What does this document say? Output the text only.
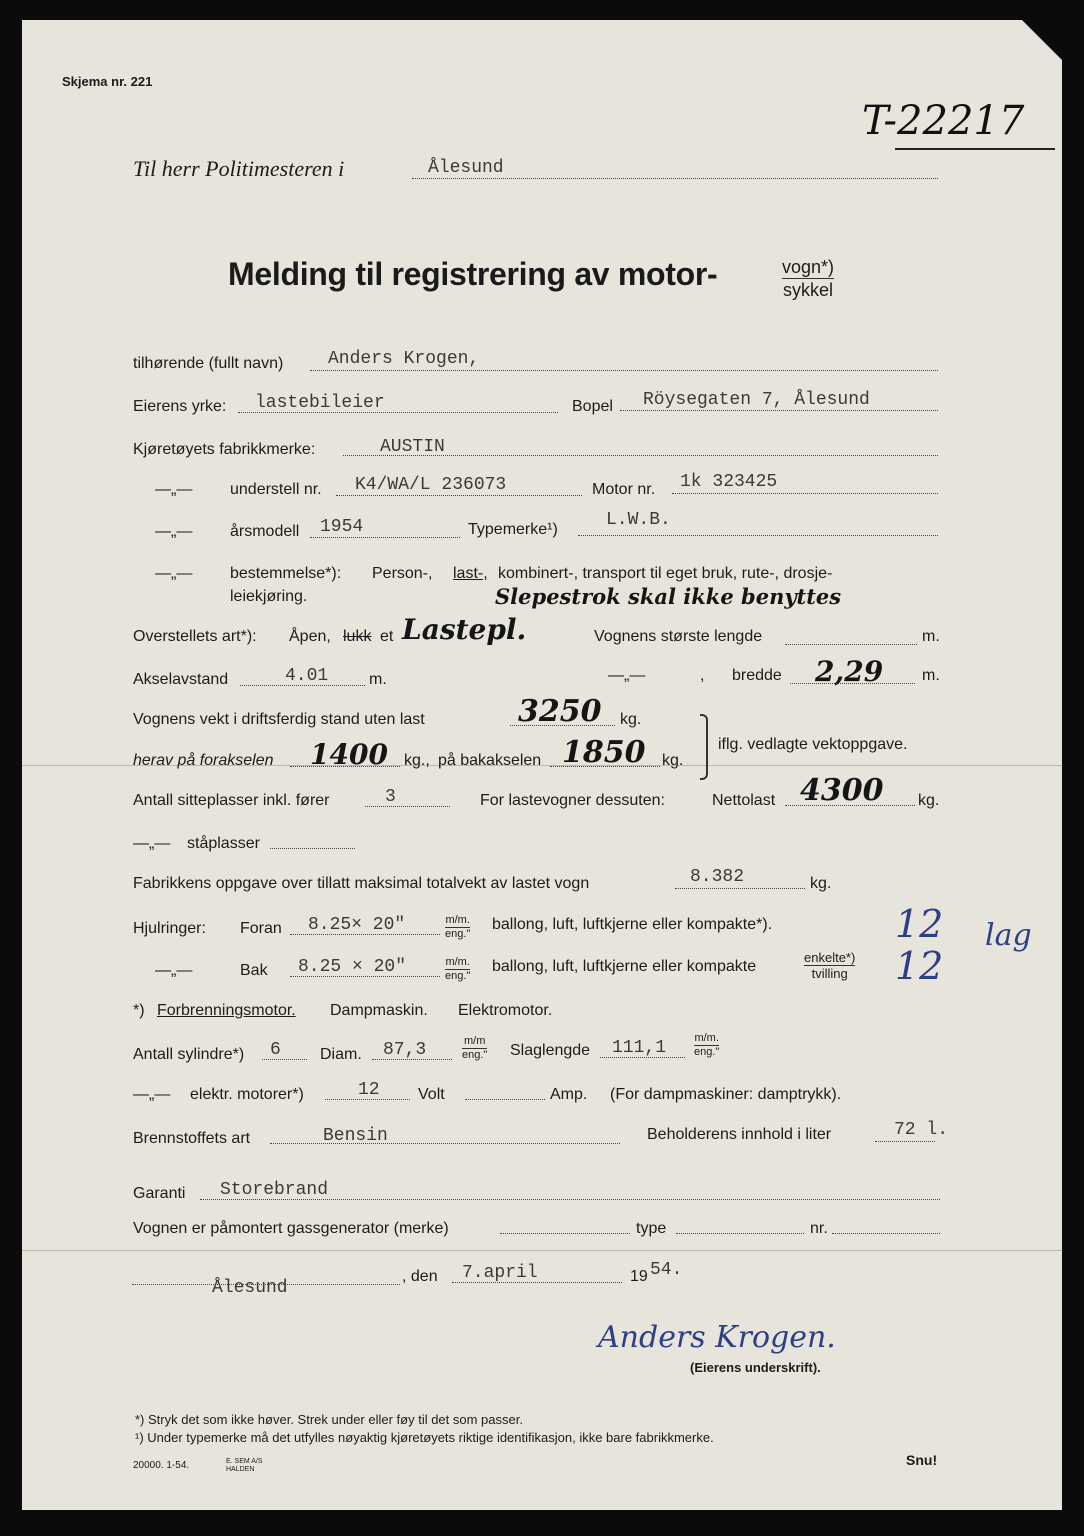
Skjema nr. 221
T-22217
Til herr Politimesteren i	Ålesund
Melding til registrering av motor-	vogn*)
sykkel
tilhørende (fullt navn) Anders Krogen,
Eierens yrke: lastebileier	Bopel Röysegaten 7, Ålesund
Kjøretøyets fabrikkmerke:	AUSTIN
—„— understell nr. K4/WA/L 236073	Motor nr. 1k 323425
—„— årsmodell 1954	Typemerke¹)	L.W.B.
—„— bestemmelse*): Person-, last-, kombinert-, transport til eget bruk, rute-, drosje-
leiekjøring.	Slepestrok skal ikke benyttes
Overstellets art*): Åpen, lukk et Lastepl.	Vognens største lengde	m.
Akselavstand	4.01	m.	—„—	, bredde 2,29 m.
Vognens vekt i driftsferdig stand uten last	3250 kg.
herav på forakselen 1400 kg., på bakakselen 1850 kg.
iflg. vedlagte vektoppgave.
Antall sitteplasser inkl. fører	3	For lastevogner dessuten:	Nettolast 4300 kg.
—„— ståplasser
Fabrikkens oppgave over tillatt maksimal totalvekt av lastet vogn	8.382	kg.
Hjulringer: Foran 8.25× 20"	m/m.
eng."
ballong, luft, luftkjerne eller kompakte*).	12 lag
—„—	Bak 8.25 × 20"	m/m.
eng."
ballong, luft, luftkjerne eller kompakte
enkelte*)
tvilling 12
*) Forbrenningsmotor. Dampmaskin. Elektromotor.
Antall sylindre*) 6 Diam. 87,3	m/m
eng." Slaglengde 111,1	m/m.
eng."
—„— elektr. motorer*)	12 Volt	Amp. (For dampmaskiner: damptrykk).
Brennstoffets art	Bensin	Beholderens innhold i liter	72 l.
Garanti Storebrand
Vognen er påmontert gassgenerator (merke)	type	nr.
Ålesund
, den 7.april	19 54.
Anders Krogen.
(Eierens underskrift).
*) Stryk det som ikke høver. Strek under eller føy til det som passer.
¹) Under typemerke må det utfylles nøyaktig kjøretøyets riktige identifikasjon, ikke bare fabrikkmerke.
20000. 1-54.	E. SEM A/S HALDEN
Snu!
